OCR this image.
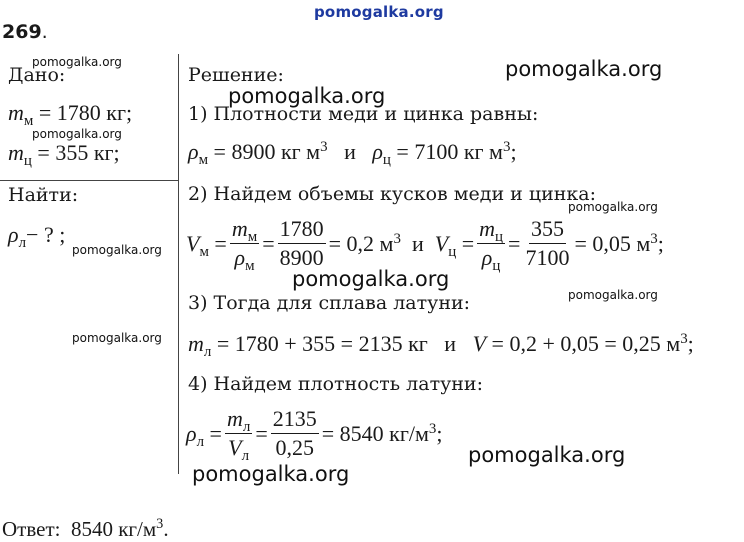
pomogalka.org
269.
Дано:
$m_м = 1780$ кг;
$m_ц = 355$ кг;
Найти:
$\rho_л-$ ? ;
Решение:
1) Плотности меди и цинка равны:
$\rho_м = 8900$ кг $м^3$ и $\rho_ц = 7100$ кг $м^3$;
2) Найдем объемы кусков меди и цинка:
$V_м = \frac{m_м}{\rho_м} = \frac{1780}{8900} = 0,2$ $м^3$ и $V_ц = \frac{m_ц}{\rho_ц} = \frac{355}{7100} = 0,05$ $м^3$;
3) Тогда для сплава латуни:
$m_л = 1780 + 355 = 2135$ кг и V = 0,2 + 0,05 = 0,25 $м^3$;
4) Найдем плотность латуни:
$\rho_л = \frac{m_л}{V_л} = \frac{2135}{0,25} = 8540$ $кг/м^3$;
Ответ: 8540 $кг/м^3$.
pomogalka.org
pomogalka.org
pomogalka.org
pomogalka.org
pomogalka.org
pomogalka.org
pomogalka.org
pomogalka.org
pomogalka.org
pomogalka.org
pomogalka.org
